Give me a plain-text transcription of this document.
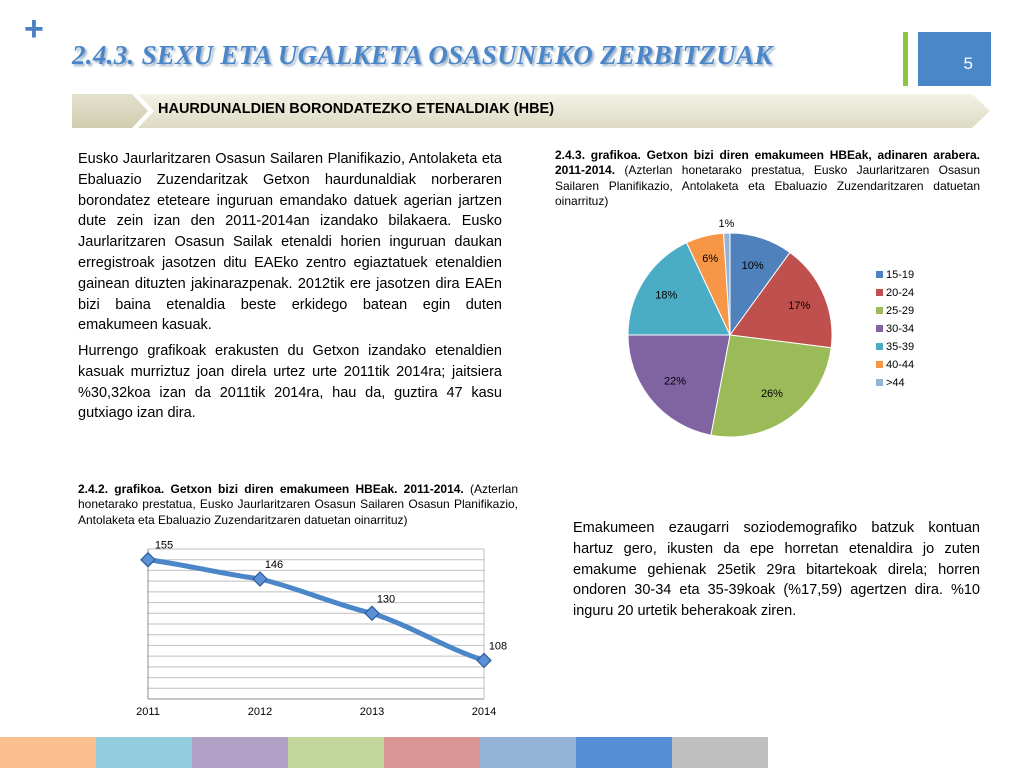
+
2.4.3. SEXU ETA UGALKETA OSASUNEKO ZERBITZUAK	5
HAURDUNALDIEN BORONDATEZKO ETENALDIAK (HBE)
Eusko Jaurlaritzaren Osasun Sailaren Planifikazio, Antolaketa eta Ebaluazio Zuzendaritzak Getxon haurdunaldiak norberaren borondatez eteteare inguruan emandako datuek agerian jartzen dute zein izan den 2011-2014an izandako bilakaera. Eusko Jaurlaritzaren Osasun Sailak etenaldi horien inguruan daukan erregistroak jasotzen ditu EAEko zentro egiaztatuek etenaldien gainean dituzten jakinarazpenak. 2012tik ere jasotzen dira EAEn bizi baina etenaldia beste erkidego batean egin duten emakumeen kasuak.
Hurrengo grafikoak erakusten du Getxon izandako etenaldien kasuak murriztuz joan direla urtez urte 2011tik 2014ra; jaitsiera %30,32koa izan da 2011tik 2014ra, hau da, guztira 47 kasu gutxiago izan dira.
Emakumeen ezaugarri soziodemografiko batzuk kontuan hartuz gero, ikusten da epe horretan etenaldira jo zuten emakume gehienak 25etik 29ra bitartekoak direla; horren ondoren 30-34 eta 35-39koak (%17,59) agertzen dira. %10 inguru 20 urtetik beherakoak ziren.
2.4.3. grafikoa. Getxon bizi diren emakumeen HBEak, adinaren arabera. 2011-2014. (Azterlan honetarako prestatua, Eusko Jaurlaritzaren Osasun Sailaren Planifikazio, Antolaketa eta Ebaluazio Zuzendaritzaren datuetan oinarrituz)
10%
17%
26%
22%
18%
6%
1%
15-19
20-24
25-29
30-34
35-39
40-44
>44
2.4.2. grafikoa. Getxon bizi diren emakumeen HBEak. 2011-2014. (Azterlan honetarako prestatua, Eusko Jaurlaritzaren Osasun Sailaren Osasun Planifikazio, Antolaketa eta Ebaluazio Zuzendaritzaren datuetan oinarrituz)
155
2011
146
2012
130
2013
108
2014
